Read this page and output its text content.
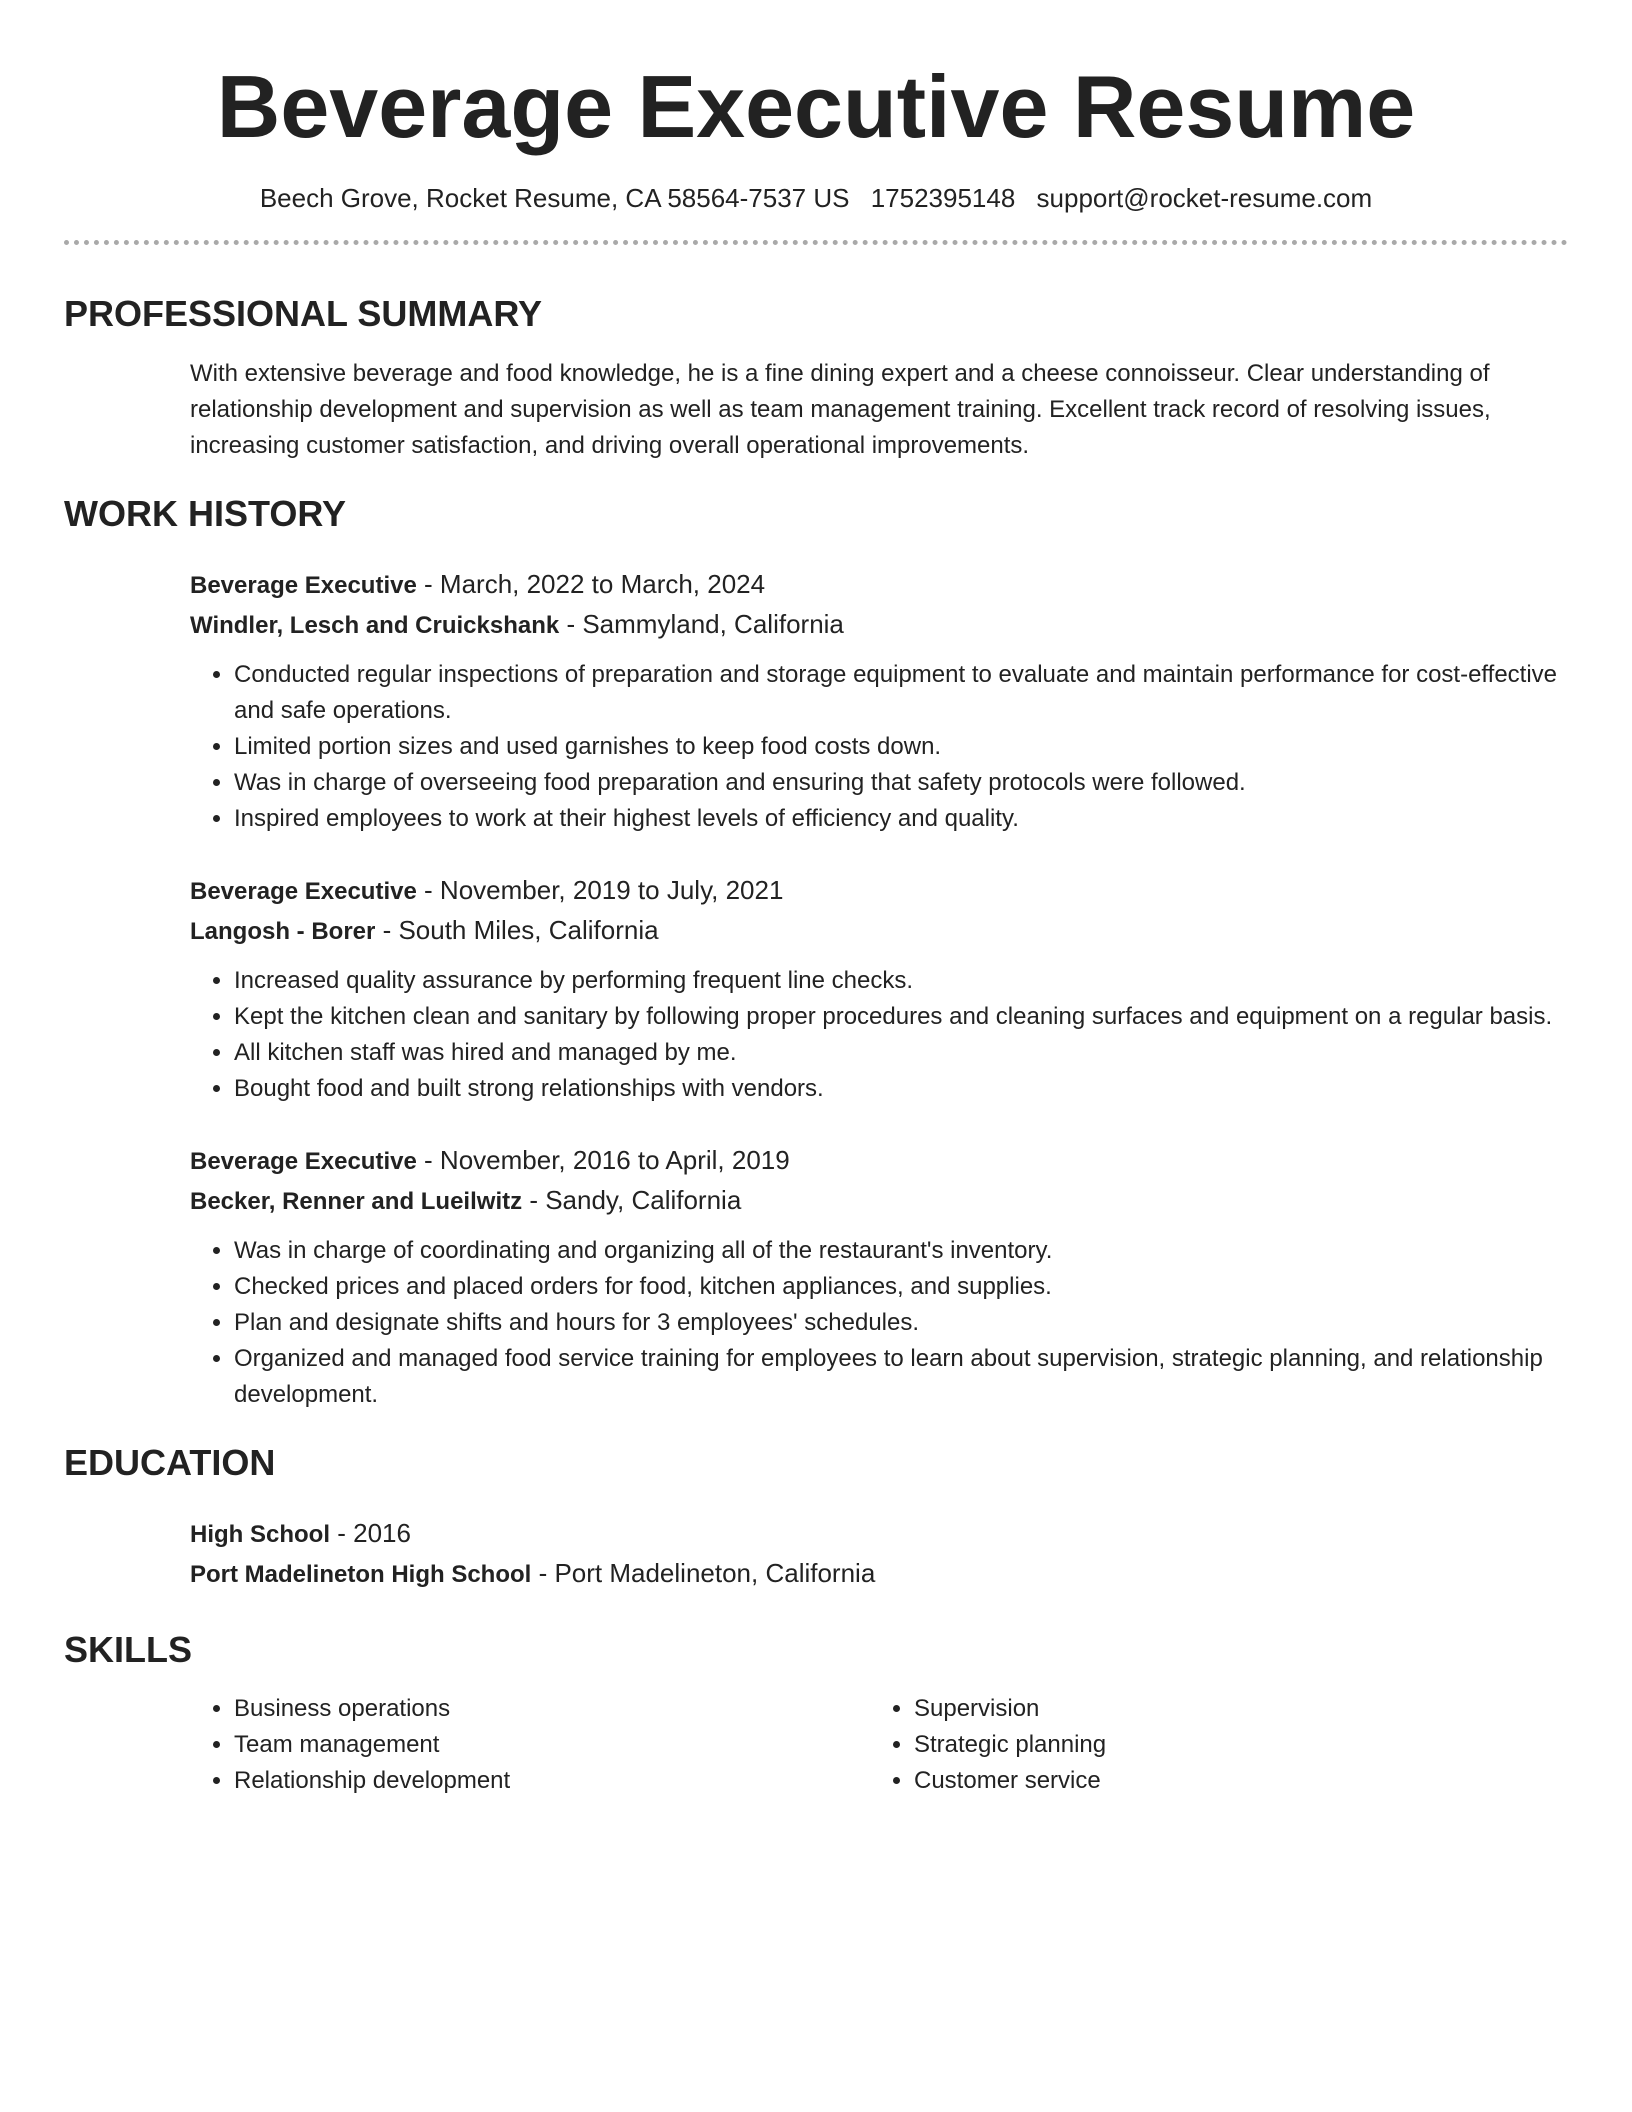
Beverage Executive Resume
Beech Grove, Rocket Resume, CA 58564-7537 US 1752395148 support@rocket-resume.com
PROFESSIONAL SUMMARY
With extensive beverage and food knowledge, he is a fine dining expert and a cheese connoisseur. Clear understanding of relationship development and supervision as well as team management training. Excellent track record of resolving issues, increasing customer satisfaction, and driving overall operational improvements.
WORK HISTORY
Beverage Executive - March, 2022 to March, 2024
Windler, Lesch and Cruickshank - Sammyland, California
• Conducted regular inspections of preparation and storage equipment to evaluate and maintain performance for cost-effective and safe operations.
• Limited portion sizes and used garnishes to keep food costs down.
• Was in charge of overseeing food preparation and ensuring that safety protocols were followed.
• Inspired employees to work at their highest levels of efficiency and quality.
Beverage Executive - November, 2019 to July, 2021
Langosh - Borer - South Miles, California
• Increased quality assurance by performing frequent line checks.
• Kept the kitchen clean and sanitary by following proper procedures and cleaning surfaces and equipment on a regular basis.
• All kitchen staff was hired and managed by me.
• Bought food and built strong relationships with vendors.
Beverage Executive - November, 2016 to April, 2019
Becker, Renner and Lueilwitz - Sandy, California
• Was in charge of coordinating and organizing all of the restaurant's inventory.
• Checked prices and placed orders for food, kitchen appliances, and supplies.
• Plan and designate shifts and hours for 3 employees' schedules.
• Organized and managed food service training for employees to learn about supervision, strategic planning, and relationship development.
EDUCATION
High School - 2016
Port Madelineton High School - Port Madelineton, California
SKILLS
• Business operations
• Team management
• Relationship development
• Supervision
• Strategic planning
• Customer service
